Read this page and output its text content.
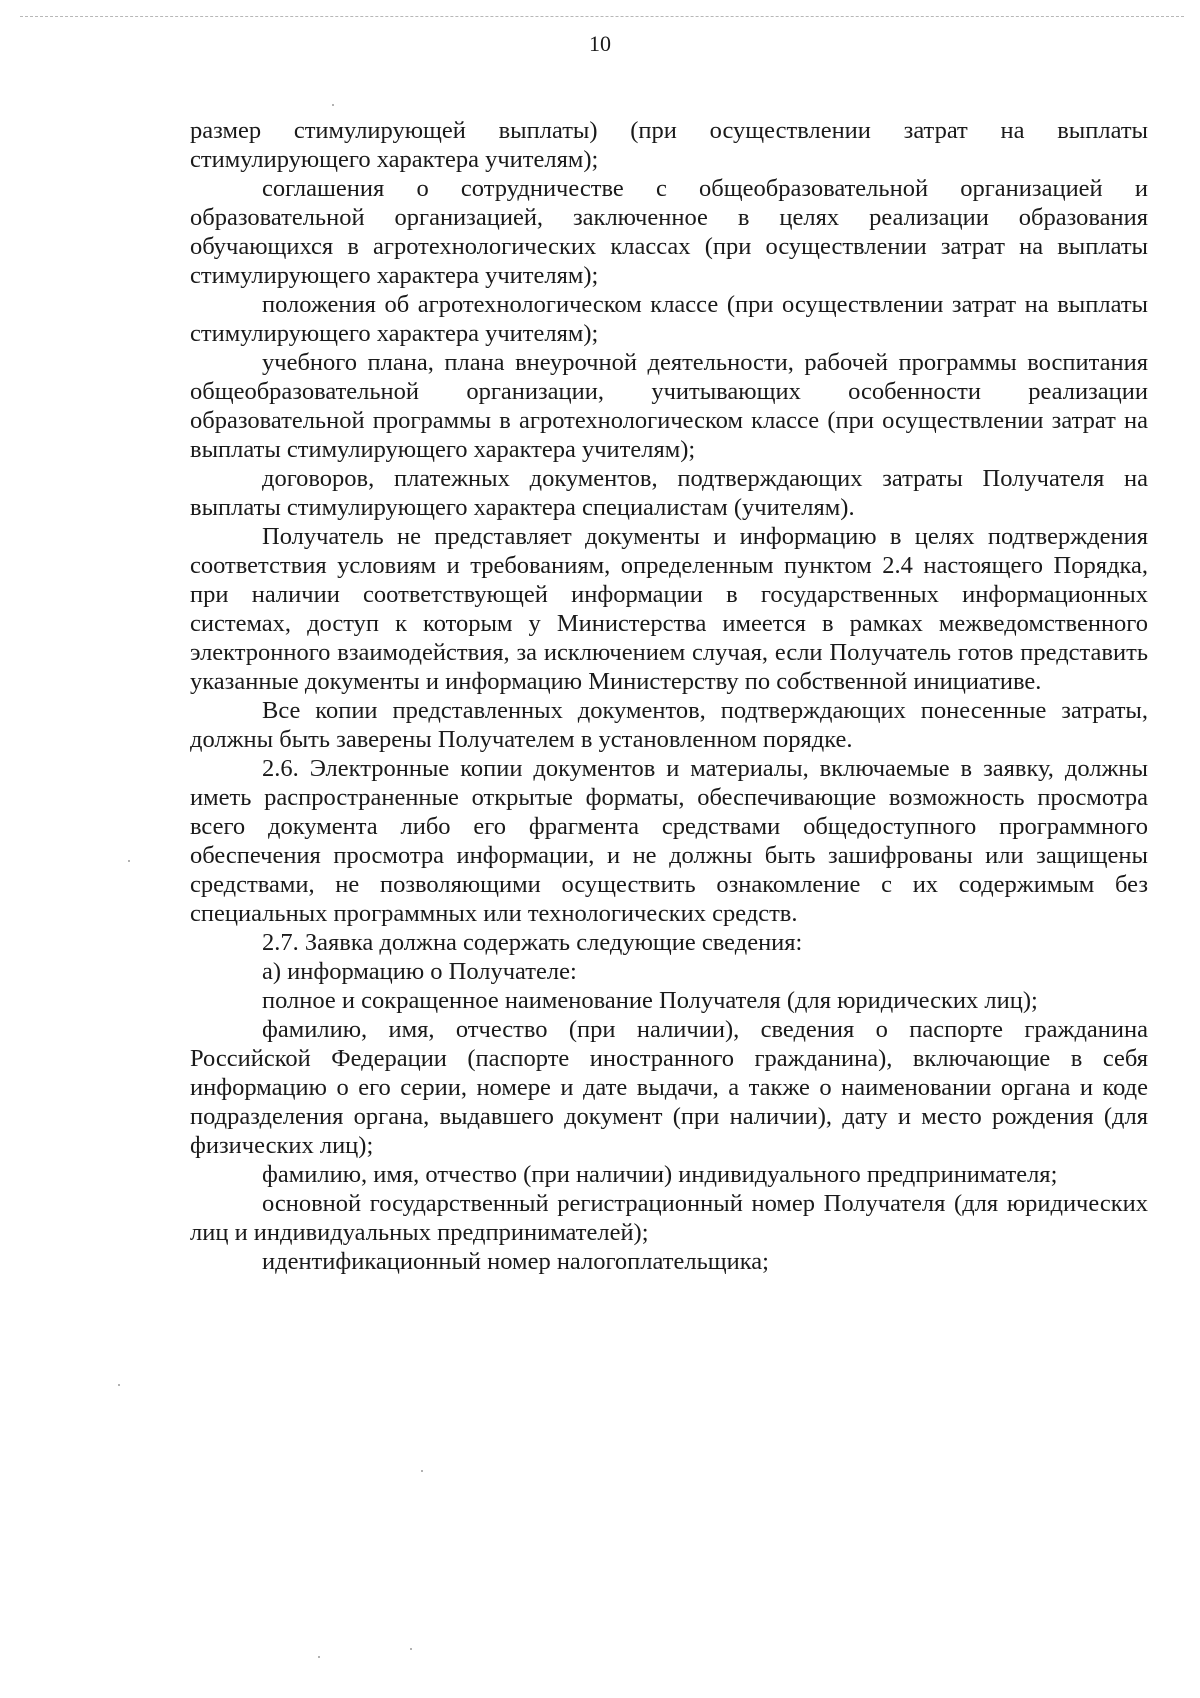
10

размер стимулирующей выплаты) (при осуществлении затрат на выплаты стимулирующего характера учителям);

соглашения о сотрудничестве с общеобразовательной организацией и образовательной организацией, заключенное в целях реализации образования обучающихся в агротехнологических классах (при осуществлении затрат на выплаты стимулирующего характера учителям);

положения об агротехнологическом классе (при осуществлении затрат на выплаты стимулирующего характера учителям);

учебного плана, плана внеурочной деятельности, рабочей программы воспитания общеобразовательной организации, учитывающих особенности реализации образовательной программы в агротехнологическом классе (при осуществлении затрат на выплаты стимулирующего характера учителям);

договоров, платежных документов, подтверждающих затраты Получателя на выплаты стимулирующего характера специалистам (учителям).

Получатель не представляет документы и информацию в целях подтверждения соответствия условиям и требованиям, определенным пунктом 2.4 настоящего Порядка, при наличии соответствующей информации в государственных информационных системах, доступ к которым у Министерства имеется в рамках межведомственного электронного взаимодействия, за исключением случая, если Получатель готов представить указанные документы и информацию Министерству по собственной инициативе.

Все копии представленных документов, подтверждающих понесенные затраты, должны быть заверены Получателем в установленном порядке.

2.6. Электронные копии документов и материалы, включаемые в заявку, должны иметь распространенные открытые форматы, обеспечивающие возможность просмотра всего документа либо его фрагмента средствами общедоступного программного обеспечения просмотра информации, и не должны быть зашифрованы или защищены средствами, не позволяющими осуществить ознакомление с их содержимым без специальных программных или технологических средств.

2.7. Заявка должна содержать следующие сведения:

а) информацию о Получателе:

полное и сокращенное наименование Получателя (для юридических лиц);

фамилию, имя, отчество (при наличии), сведения о паспорте гражданина Российской Федерации (паспорте иностранного гражданина), включающие в себя информацию о его серии, номере и дате выдачи, а также о наименовании органа и коде подразделения органа, выдавшего документ (при наличии), дату и место рождения (для физических лиц);

фамилию, имя, отчество (при наличии) индивидуального предпринимателя;

основной государственный регистрационный номер Получателя (для юридических лиц и индивидуальных предпринимателей);

идентификационный номер налогоплательщика;
